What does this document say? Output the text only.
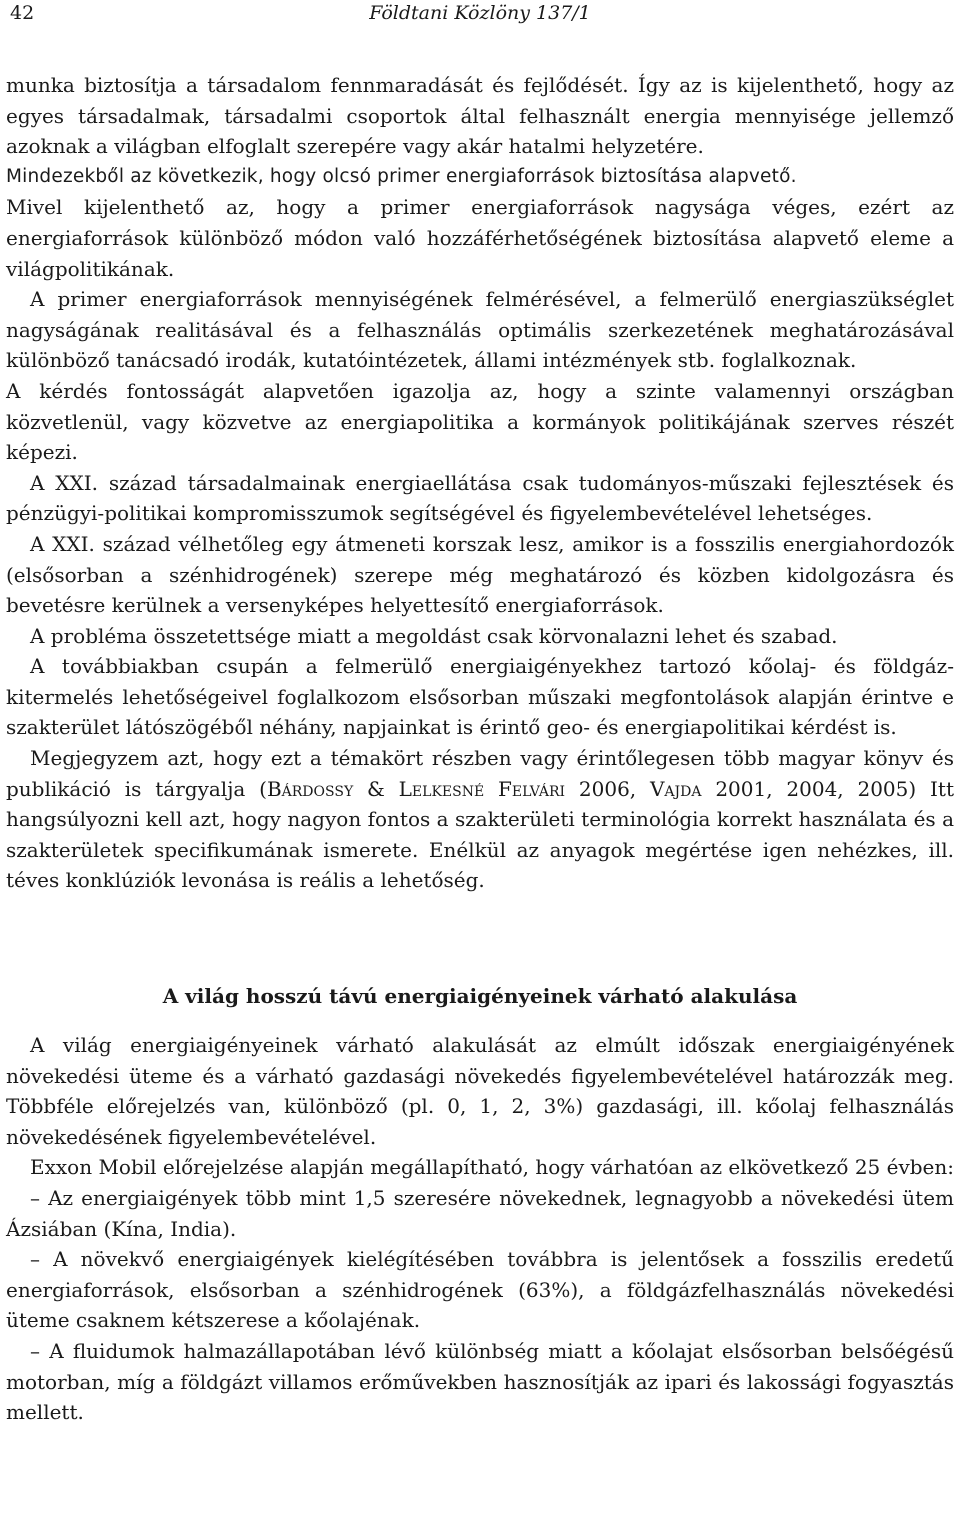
42	Földtani Közlöny 137/1

munka biztosítja a társadalom fennmaradását és fejlődését. Így az is kijelenthető, hogy az egyes társadalmak, társadalmi csoportok által felhasznált energia mennyisége jellemző azoknak a világban elfoglalt szerepére vagy akár hatalmi helyzetére.

Mindezekből az következik, hogy olcsó primer energiaforrások biztosítása alapvető.

Mivel kijelenthető az, hogy a primer energiaforrások nagysága véges, ezért az energiaforrások különböző módon való hozzáférhetőségének biztosítása alapvető eleme a világpolitikának.

A primer energiaforrások mennyiségének felmérésével, a felmerülő energiaszükséglet nagyságának realitásával és a felhasználás optimális szerkezetének meghatározásával különböző tanácsadó irodák, kutatóintézetek, állami intézmények stb. foglalkoznak.

A kérdés fontosságát alapvetően igazolja az, hogy a szinte valamennyi országban közvetlenül, vagy közvetve az energiapolitika a kormányok politikájának szerves részét képezi.

A XXI. század társadalmainak energiaellátása csak tudományos-műszaki fejlesztések és pénzügyi-politikai kompromisszumok segítségével és figyelembevételével lehetséges.

A XXI. század vélhetőleg egy átmeneti korszak lesz, amikor is a fosszilis energiahordozók (elsősorban a szénhidrogének) szerepe még meghatározó és közben kidolgozásra és bevetésre kerülnek a versenyképes helyettesítő energiaforrások.

A probléma összetettsége miatt a megoldást csak körvonalazni lehet és szabad.

A továbbiakban csupán a felmerülő energiaigényekhez tartozó kőolaj- és földgázkitermelés lehetőségeivel foglalkozom elsősorban műszaki megfontolások alapján érintve e szakterület látószögéből néhány, napjainkat is érintő geo- és energiapolitikai kérdést is.

Megjegyzem azt, hogy ezt a témakört részben vagy érintőlegesen több magyar könyv és publikáció is tárgyalja (Bárdossy & Lelkesné Felvári 2006, Vajda 2001, 2004, 2005) Itt hangsúlyozni kell azt, hogy nagyon fontos a szakterületi terminológia korrekt használata és a szakterületek specifikumának ismerete. Enélkül az anyagok megértése igen nehézkes, ill. téves konklúziók levonása is reális a lehetőség.

A világ hosszú távú energiaigényeinek várható alakulása

A világ energiaigényeinek várható alakulását az elmúlt időszak energiaigényének növekedési üteme és a várható gazdasági növekedés figyelembevételével határozzák meg. Többféle előrejelzés van, különböző (pl. 0, 1, 2, 3%) gazdasági, ill. kőolaj felhasználás növekedésének figyelembevételével.

Exxon Mobil előrejelzése alapján megállapítható, hogy várhatóan az elkövetkező 25 évben:

– Az energiaigények több mint 1,5 szeresére növekednek, legnagyobb a növekedési ütem Ázsiában (Kína, India).

– A növekvő energiaigények kielégítésében továbbra is jelentősek a fosszilis eredetű energiaforrások, elsősorban a szénhidrogének (63%), a földgázfelhasználás növekedési üteme csaknem kétszerese a kőolajénak.

– A fluidumok halmazállapotában lévő különbség miatt a kőolajat elsősorban belsőégésű motorban, míg a földgázt villamos erőművekben hasznosítják az ipari és lakossági fogyasztás mellett.
